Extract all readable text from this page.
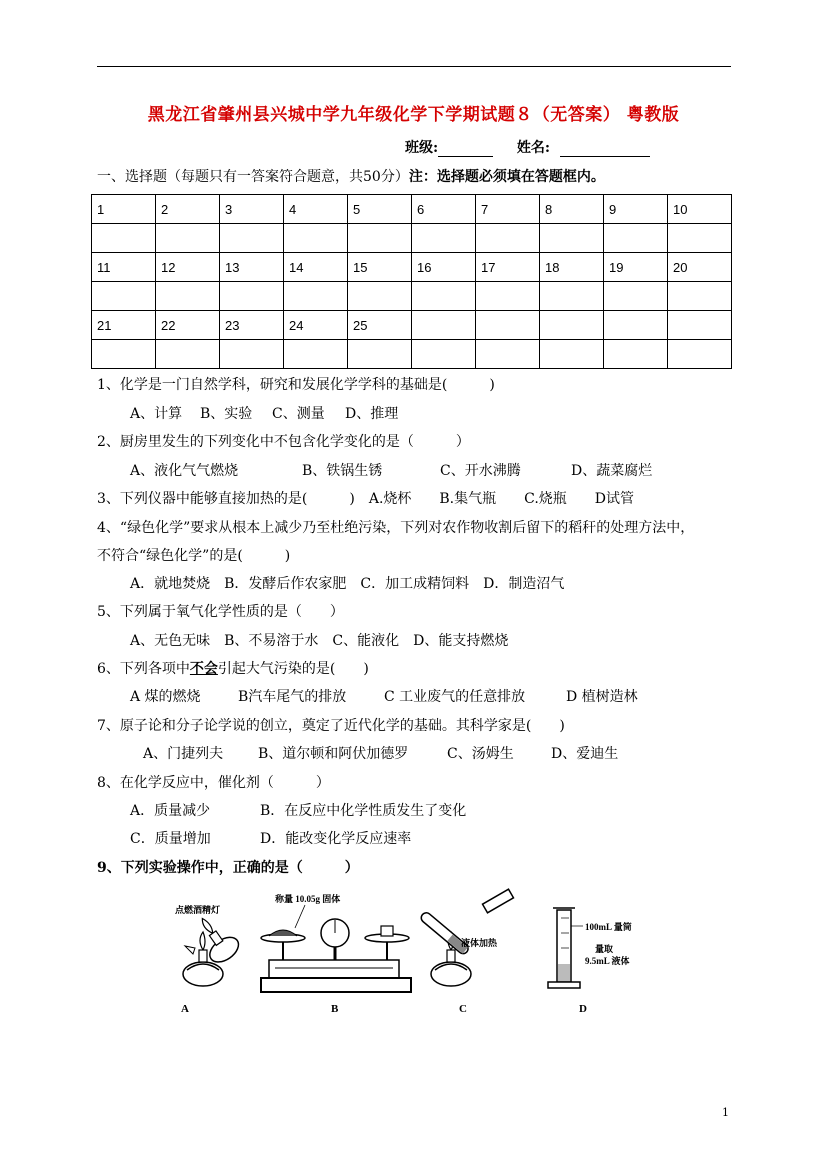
黑龙江省肇州县兴城中学九年级化学下学期试题８（无答案） 粤教版
班级:	姓名:
一、选择题（每题只有一答案符合题意，共50分）注：选择题必须填在答题框内。
1	2	3	4	5	6	7	8	9	10

11	12	13	14	15	16	17	18	19	20

21	22	23	24	25					

1、化学是一门自然学科，研究和发展化学学科的基础是(　　　)
A、计算 B、实验 C、测量 D、推理
2、厨房里发生的下列变化中不包含化学变化的是（　　　）
A、液化气气燃烧	B、铁锅生锈	C、开水沸腾	D、蔬菜腐烂
3、下列仪器中能够直接加热的是(　　　)　A.烧杯　　B.集气瓶　　C.烧瓶　　D试管
4、“绿色化学”要求从根本上减少乃至杜绝污染，下列对农作物收割后留下的稻秆的处理方法中，
不符合“绿色化学”的是(　　　)
A．就地焚烧　B．发酵后作农家肥　C．加工成精饲料　D．制造沼气
5、下列属于氧气化学性质的是（　　）
A、无色无味　B、不易溶于水　C、能液化　D、能支持燃烧
6、下列各项中不会引起大气污染的是(　　)
A 煤的燃烧	B汽车尾气的排放	C 工业废气的任意排放	D 植树造林
7、原子论和分子论学说的创立，奠定了近代化学的基础。其科学家是(　　)
A、门捷列夫 B、道尔顿和阿伏加德罗	C、汤姆生	D、爱迪生
8、在化学反应中，催化剂（　　　）
A．质量减少	B．在反应中化学性质发生了变化
C．质量增加	D．能改变化学反应速率
9、下列实验操作中，正确的是（　　　）
点燃酒精灯
A
称量 10.05g 固体
B
液体加热
C
100mL 量筒
量取
9.5mL 液体
D
1
